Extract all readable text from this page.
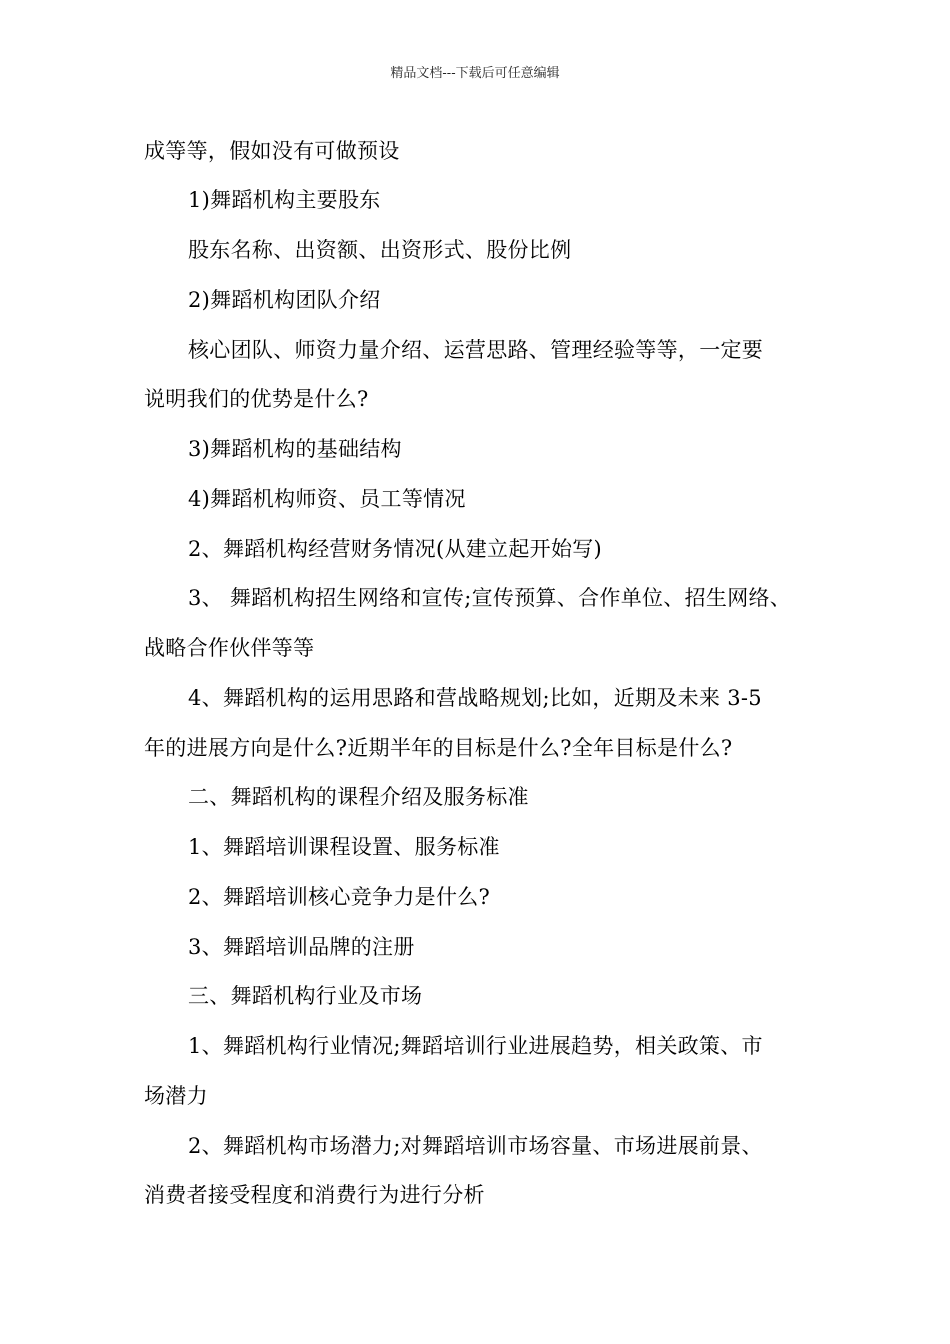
精品文档---下载后可任意编辑
成等等，假如没有可做预设
1)舞蹈机构主要股东
股东名称、出资额、出资形式、股份比例
2)舞蹈机构团队介绍
核心团队、师资力量介绍、运营思路、管理经验等等，一定要
说明我们的优势是什么?
3)舞蹈机构的基础结构
4)舞蹈机构师资、员工等情况
2、舞蹈机构经营财务情况(从建立起开始写)
3、 舞蹈机构招生网络和宣传;宣传预算、合作单位、招生网络、
战略合作伙伴等等
4、舞蹈机构的运用思路和营战略规划;比如，近期及未来 3-5
年的进展方向是什么?近期半年的目标是什么?全年目标是什么?
二、舞蹈机构的课程介绍及服务标准
1、舞蹈培训课程设置、服务标准
2、舞蹈培训核心竞争力是什么?
3、舞蹈培训品牌的注册
三、舞蹈机构行业及市场
1、舞蹈机构行业情况;舞蹈培训行业进展趋势，相关政策、市
场潜力
2、舞蹈机构市场潜力;对舞蹈培训市场容量、市场进展前景、
消费者接受程度和消费行为进行分析
